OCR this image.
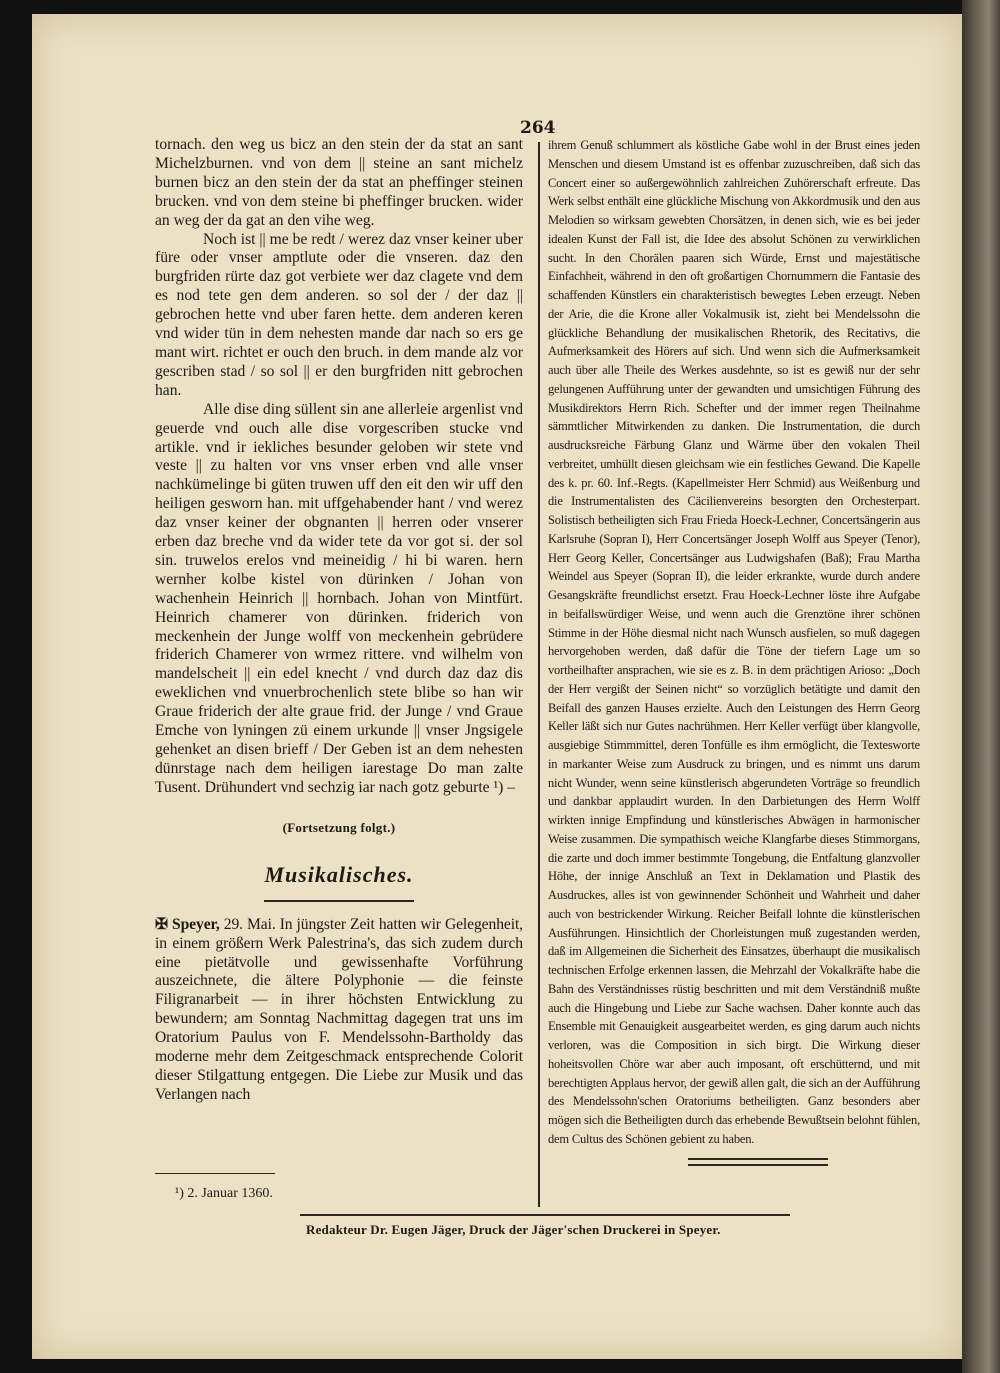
264

tornach. den weg us bicz an den stein der da stat an sant Michelzburnen. vnd von dem || steine an sant michelz burnen bicz an den stein der da stat an pheffinger steinen brucken. vnd von dem steine bi pheffinger brucken. wider an weg der da gat an den vihe weg.

Noch ist || me be redt / werez daz vnser keiner uber füre oder vnser amptlute oder die vnseren. daz den burgfriden rürte daz got verbiete wer daz clagete vnd dem es nod tete gen dem anderen. so sol der / der daz || gebrochen hette vnd uber faren hette. dem anderen keren vnd wider tün in dem nehesten mande dar nach so ers ge mant wirt. richtet er ouch den bruch. in dem mande alz vor gescriben stad / so sol || er den burgfriden nitt gebrochen han.

Alle dise ding süllent sin ane allerleie argenlist vnd geuerde vnd ouch alle dise vorgescriben stucke vnd artikle. vnd ir iekliches besunder geloben wir stete vnd veste || zu halten vor vns vnser erben vnd alle vnser nachkümelinge bi güten truwen uff den eit den wir uff den heiligen gesworn han. mit uffgehabender hant / vnd werez daz vnser keiner der obgnanten || herren oder vnserer erben daz breche vnd da wider tete da vor got si. der sol sin. truwelos erelos vnd meineidig / hi bi waren. hern wernher kolbe kistel von dürinken / Johan von wachenhein Heinrich || hornbach. Johan von Mintfürt. Heinrich chamerer von dürinken. friderich von meckenhein der Junge wolff von meckenhein gebrüdere friderich Chamerer von wrmez rittere. vnd wilhelm von mandelscheit || ein edel knecht / vnd durch daz daz dis eweklichen vnd vnuerbrochenlich stete blibe so han wir Graue friderich der alte graue frid. der Junge / vnd Graue Emche von lyningen zü einem urkunde || vnser Jngsigele gehenket an disen brieff / Der Geben ist an dem nehesten dünrstage nach dem heiligen iarestage Do man zalte Tusent. Drühundert vnd sechzig iar nach gotz geburte ¹) –

(Fortsetzung folgt.)
Musikalisches.

✠ Speyer, 29. Mai. In jüngster Zeit hatten wir Gelegenheit, in einem größern Werk Palestrina's, das sich zudem durch eine pietätvolle und gewissenhafte Vorführung auszeichnete, die ältere Polyphonie — die feinste Filigranarbeit — in ihrer höchsten Entwicklung zu bewundern; am Sonntag Nachmittag dagegen trat uns im Oratorium Paulus von F. Mendelssohn-Bartholdy das moderne mehr dem Zeitgeschmack entsprechende Colorit dieser Stilgattung entgegen. Die Liebe zur Musik und das Verlangen nach

ihrem Genuß schlummert als köstliche Gabe wohl in der Brust eines jeden Menschen und diesem Umstand ist es offenbar zuzuschreiben, daß sich das Concert einer so außergewöhnlich zahlreichen Zuhörerschaft erfreute. Das Werk selbst enthält eine glückliche Mischung von Akkordmusik und den aus Melodien so wirksam gewebten Chorsätzen, in denen sich, wie es bei jeder idealen Kunst der Fall ist, die Idee des absolut Schönen zu verwirklichen sucht. In den Chorälen paaren sich Würde, Ernst und majestätische Einfachheit, während in den oft großartigen Chornummern die Fantasie des schaffenden Künstlers ein charakteristisch bewegtes Leben erzeugt. Neben der Arie, die die Krone aller Vokalmusik ist, zieht bei Mendelssohn die glückliche Behandlung der musikalischen Rhetorik, des Recitativs, die Aufmerksamkeit des Hörers auf sich. Und wenn sich die Aufmerksamkeit auch über alle Theile des Werkes ausdehnte, so ist es gewiß nur der sehr gelungenen Aufführung unter der gewandten und umsichtigen Führung des Musikdirektors Herrn Rich. Schefter und der immer regen Theilnahme sämmtlicher Mitwirkenden zu danken. Die Instrumentation, die durch ausdrucksreiche Färbung Glanz und Wärme über den vokalen Theil verbreitet, umhüllt diesen gleichsam wie ein festliches Gewand. Die Kapelle des k. pr. 60. Inf.-Regts. (Kapellmeister Herr Schmid) aus Weißenburg und die Instrumentalisten des Cäcilienvereins besorgten den Orchesterpart. Solistisch betheiligten sich Frau Frieda Hoeck-Lechner, Concertsängerin aus Karlsruhe (Sopran I), Herr Concertsänger Joseph Wolff aus Speyer (Tenor), Herr Georg Keller, Concertsänger aus Ludwigshafen (Baß); Frau Martha Weindel aus Speyer (Sopran II), die leider erkrankte, wurde durch andere Gesangskräfte freundlichst ersetzt. Frau Hoeck-Lechner löste ihre Aufgabe in beifallswürdiger Weise, und wenn auch die Grenztöne ihrer schönen Stimme in der Höhe diesmal nicht nach Wunsch ausfielen, so muß dagegen hervorgehoben werden, daß dafür die Töne der tiefern Lage um so vortheilhafter ansprachen, wie sie es z. B. in dem prächtigen Arioso: „Doch der Herr vergißt der Seinen nicht“ so vorzüglich betätigte und damit den Beifall des ganzen Hauses erzielte. Auch den Leistungen des Herrn Georg Keller läßt sich nur Gutes nachrühmen. Herr Keller verfügt über klangvolle, ausgiebige Stimmmittel, deren Tonfülle es ihm ermöglicht, die Textesworte in markanter Weise zum Ausdruck zu bringen, und es nimmt uns darum nicht Wunder, wenn seine künstlerisch abgerundeten Vorträge so freundlich und dankbar applaudirt wurden. In den Darbietungen des Herrn Wolff wirkten innige Empfindung und künstlerisches Abwägen in harmonischer Weise zusammen. Die sympathisch weiche Klangfarbe dieses Stimmorgans, die zarte und doch immer bestimmte Tongebung, die Entfaltung glanzvoller Höhe, der innige Anschluß an Text in Deklamation und Plastik des Ausdruckes, alles ist von gewinnender Schönheit und Wahrheit und daher auch von bestrickender Wirkung. Reicher Beifall lohnte die künstlerischen Ausführungen. Hinsichtlich der Chorleistungen muß zugestanden werden, daß im Allgemeinen die Sicherheit des Einsatzes, überhaupt die musikalisch technischen Erfolge erkennen lassen, die Mehrzahl der Vokalkräfte habe die Bahn des Verständnisses rüstig beschritten und mit dem Verständniß mußte auch die Hingebung und Liebe zur Sache wachsen. Daher konnte auch das Ensemble mit Genauigkeit ausgearbeitet werden, es ging darum auch nichts verloren, was die Composition in sich birgt. Die Wirkung dieser hoheitsvollen Chöre war aber auch imposant, oft erschütternd, und mit berechtigten Applaus hervor, der gewiß allen galt, die sich an der Aufführung des Mendelssohn'schen Oratoriums betheiligten. Ganz besonders aber mögen sich die Betheiligten durch das erhebende Bewußtsein belohnt fühlen, dem Cultus des Schönen gebient zu haben.

¹) 2. Januar 1360.
Redakteur Dr. Eugen Jäger, Druck der Jäger'schen Druckerei in Speyer.
